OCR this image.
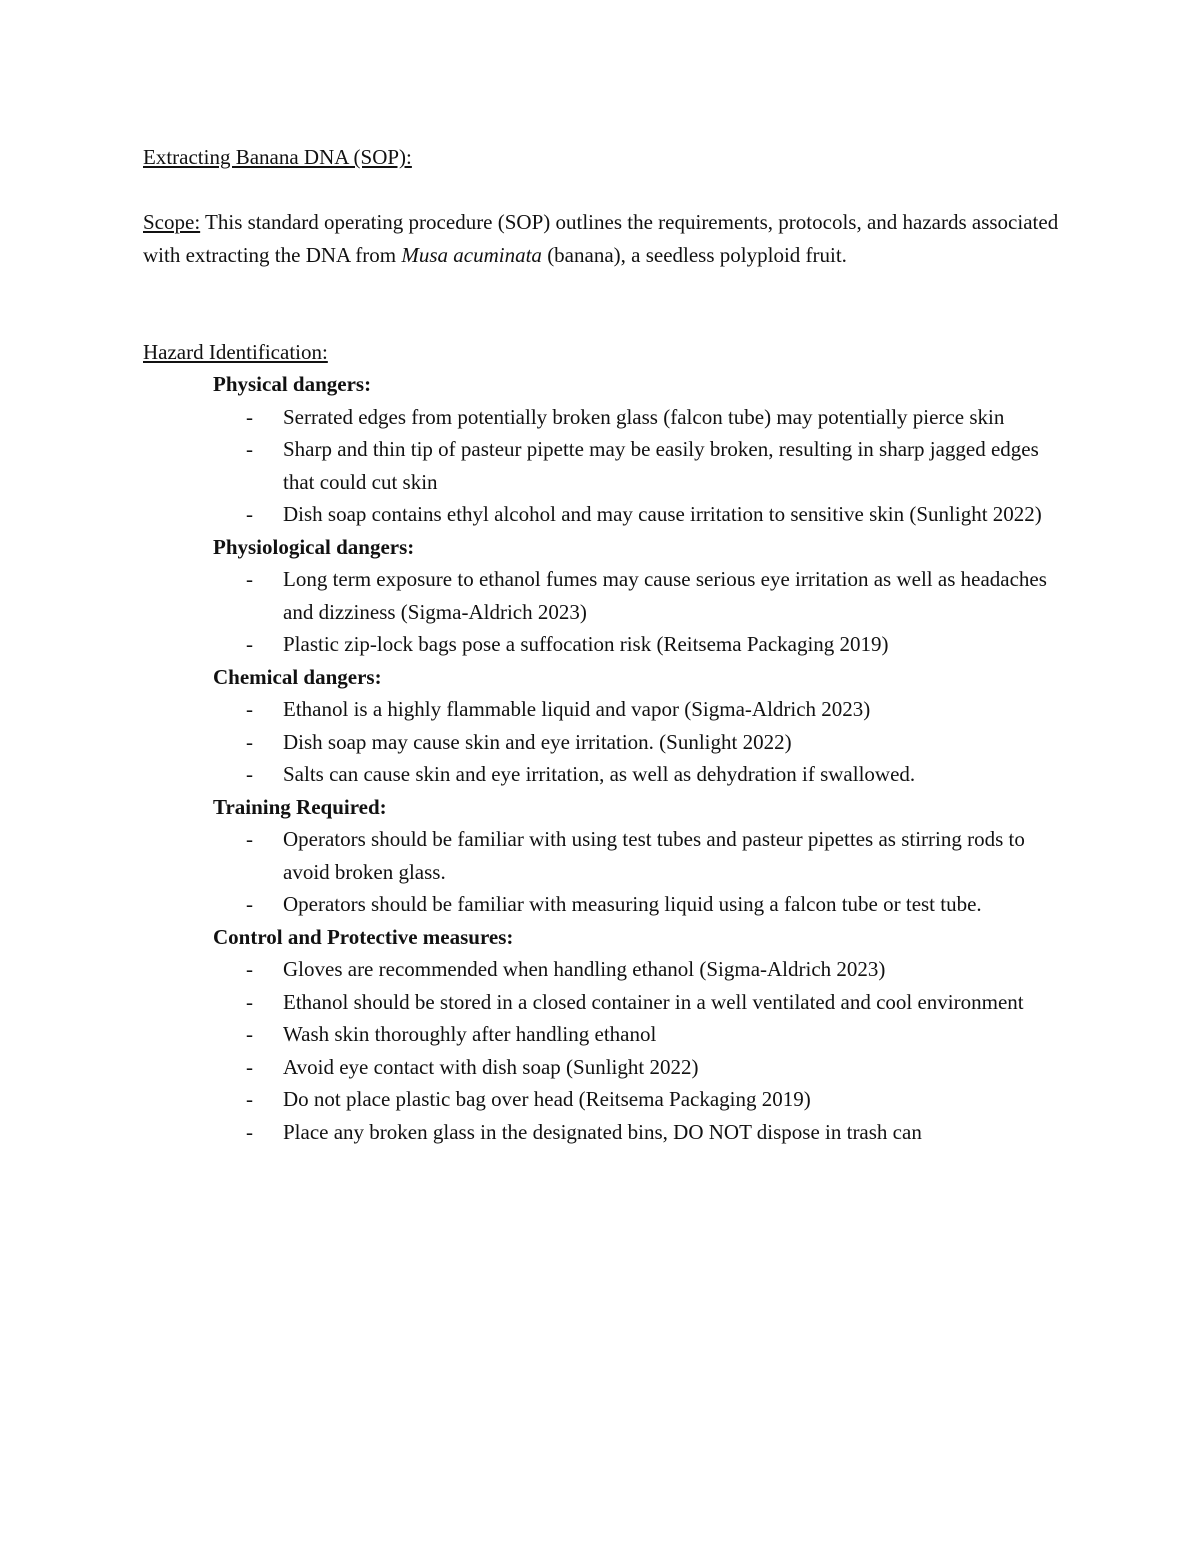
Extracting Banana DNA (SOP):

Scope: This standard operating procedure (SOP) outlines the requirements, protocols, and hazards associated with extracting the DNA from Musa acuminata (banana), a seedless polyploid fruit.

Hazard Identification:
Physical dangers:
- Serrated edges from potentially broken glass (falcon tube) may potentially pierce skin
- Sharp and thin tip of pasteur pipette may be easily broken, resulting in sharp jagged edges that could cut skin
- Dish soap contains ethyl alcohol and may cause irritation to sensitive skin (Sunlight 2022)
Physiological dangers:
- Long term exposure to ethanol fumes may cause serious eye irritation as well as headaches and dizziness (Sigma-Aldrich 2023)
- Plastic zip-lock bags pose a suffocation risk (Reitsema Packaging 2019)
Chemical dangers:
- Ethanol is a highly flammable liquid and vapor (Sigma-Aldrich 2023)
- Dish soap may cause skin and eye irritation. (Sunlight 2022)
- Salts can cause skin and eye irritation, as well as dehydration if swallowed.
Training Required:
- Operators should be familiar with using test tubes and pasteur pipettes as stirring rods to avoid broken glass.
- Operators should be familiar with measuring liquid using a falcon tube or test tube.
Control and Protective measures:
- Gloves are recommended when handling ethanol (Sigma-Aldrich 2023)
- Ethanol should be stored in a closed container in a well ventilated and cool environment
- Wash skin thoroughly after handling ethanol
- Avoid eye contact with dish soap (Sunlight 2022)
- Do not place plastic bag over head (Reitsema Packaging 2019)
- Place any broken glass in the designated bins, DO NOT dispose in trash can
